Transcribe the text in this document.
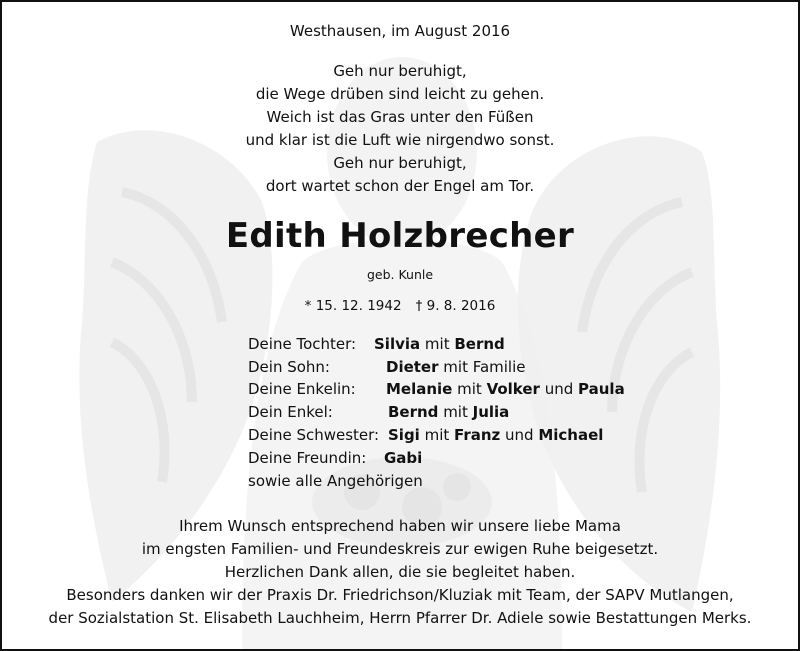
Westhausen, im August 2016
Geh nur beruhigt,
die Wege drüben sind leicht zu gehen.
Weich ist das Gras unter den Füßen
und klar ist die Luft wie nirgendwo sonst.
Geh nur beruhigt,
dort wartet schon der Engel am Tor.
Edith Holzbrecher
geb. Kunle
* 15. 12. 1942 † 9. 8. 2016
Deine Tochter: Silvia mit Bernd
Dein Sohn:	Dieter mit Familie
Deine Enkelin: Melanie mit Volker und Paula
Dein Enkel:	Bernd mit Julia
Deine Schwester: Sigi mit Franz und Michael
Deine Freundin: Gabi
sowie alle Angehörigen
Ihrem Wunsch entsprechend haben wir unsere liebe Mama
im engsten Familien- und Freundeskreis zur ewigen Ruhe beigesetzt.
Herzlichen Dank allen, die sie begleitet haben.
Besonders danken wir der Praxis Dr. Friedrichson/Kluziak mit Team, der SAPV Mutlangen,
der Sozialstation St. Elisabeth Lauchheim, Herrn Pfarrer Dr. Adiele sowie Bestattungen Merks.
